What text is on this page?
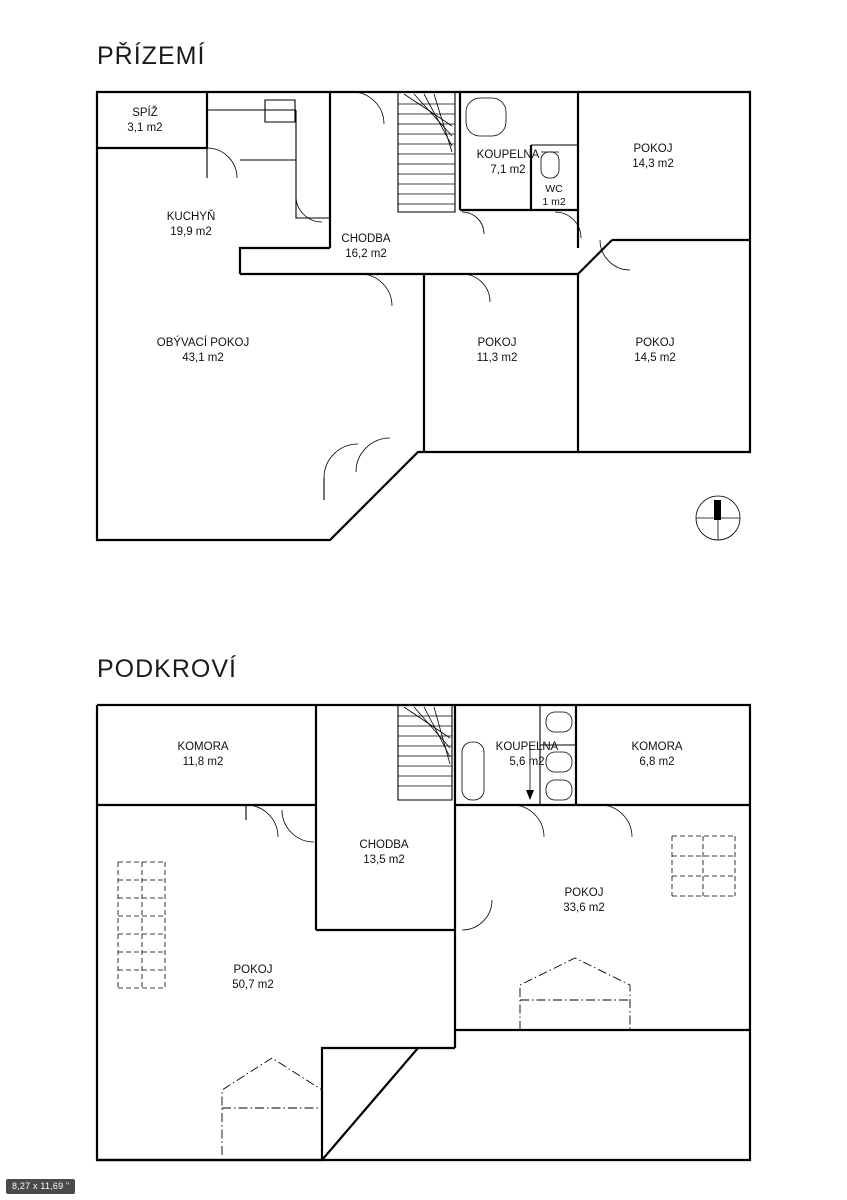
PŘÍZEMÍ
PODKROVÍ
SPÍŽ
3,1 m2
KUCHYŇ
19,9 m2
CHODBA
16,2 m2
KOUPELNA
7,1 m2
WC
1 m2
POKOJ
14,3 m2
OBÝVACÍ POKOJ
43,1 m2
POKOJ
11,3 m2
POKOJ
14,5 m2
KOMORA
11,8 m2
CHODBA
13,5 m2
KOUPELNA
5,6 m2
KOMORA
6,8 m2
POKOJ
33,6 m2
POKOJ
50,7 m2
8,27 x 11,69 "
